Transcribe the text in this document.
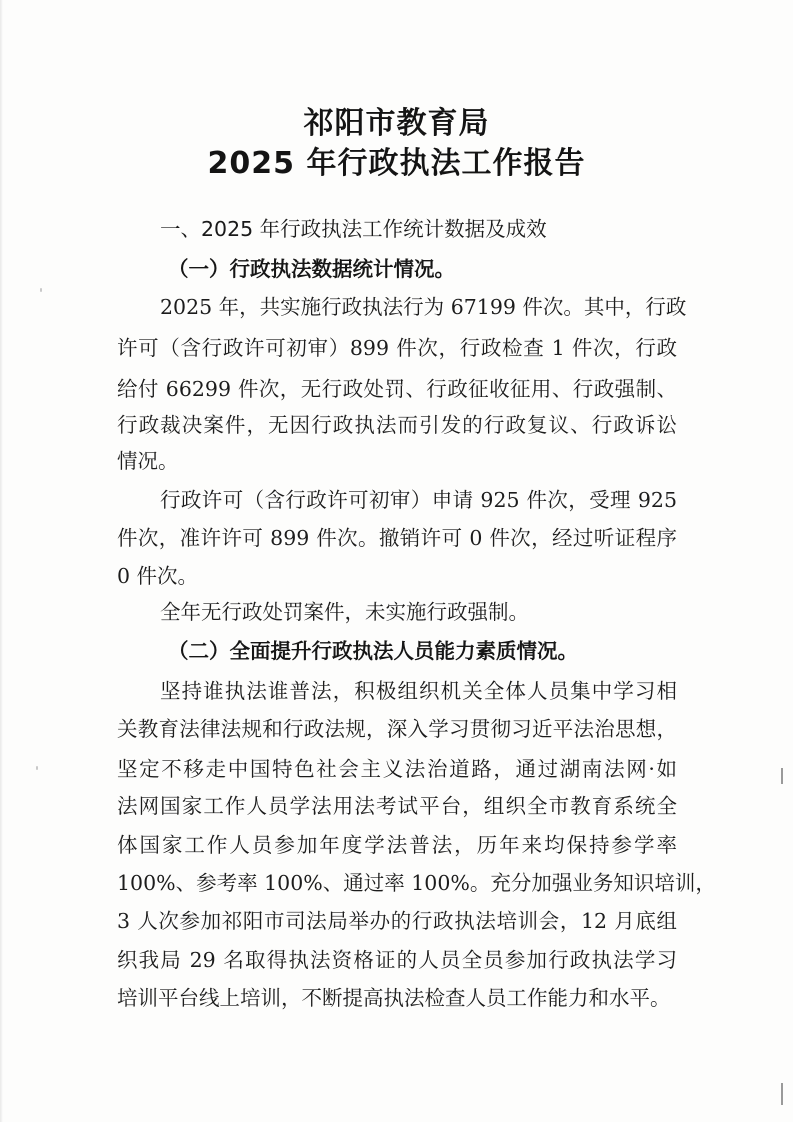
祁阳市教育局
2025 年行政执法工作报告
一、2025 年行政执法工作统计数据及成效
（一）行政执法数据统计情况。
2025 年，共实施行政执法行为 67199 件次。其中，行政
许可（含行政许可初审）899 件次，行政检查 1 件次，行政
给付 66299 件次，无行政处罚、行政征收征用、行政强制、
行政裁决案件，无因行政执法而引发的行政复议、行政诉讼
情况。
行政许可（含行政许可初审）申请 925 件次，受理 925
件次，准许许可 899 件次。撤销许可 0 件次，经过听证程序
0 件次。
全年无行政处罚案件，未实施行政强制。
（二）全面提升行政执法人员能力素质情况。
坚持谁执法谁普法，积极组织机关全体人员集中学习相
关教育法律法规和行政法规，深入学习贯彻习近平法治思想，
坚定不移走中国特色社会主义法治道路，通过湖南法网·如
法网国家工作人员学法用法考试平台，组织全市教育系统全
体国家工作人员参加年度学法普法，历年来均保持参学率
100%、参考率 100%、通过率 100%。充分加强业务知识培训，
3 人次参加祁阳市司法局举办的行政执法培训会，12 月底组
织我局 29 名取得执法资格证的人员全员参加行政执法学习
培训平台线上培训，不断提高执法检查人员工作能力和水平。
